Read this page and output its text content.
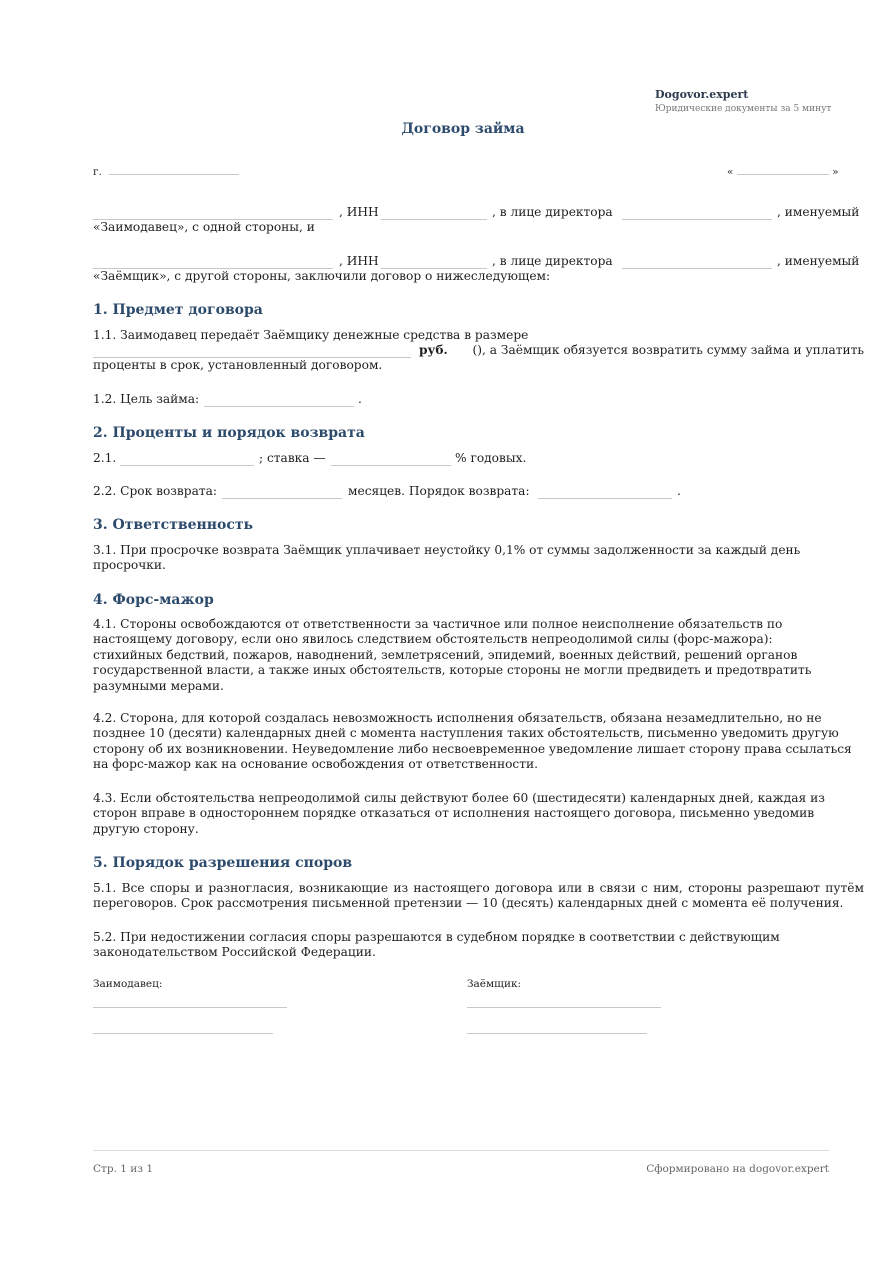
Dogovor.expert
Юридические документы за 5 минут
Договор займа
г.	«	»
, ИНН	, в лице директора	, именуемый
«Заимодавец», с одной стороны, и
, ИНН	, в лице директора	, именуемый
«Заёмщик», с другой стороны, заключили договор о нижеследующем:
1. Предмет договора
1.1. Заимодавец передаёт Заёмщику денежные средства в размере
руб.	(), а Заёмщик обязуется возвратить сумму займа и уплатить
проценты в срок, установленный договором.
1.2. Цель займа:	.
2. Проценты и порядок возврата
2.1.	; ставка —	% годовых.
2.2. Срок возврата:	месяцев. Порядок возврата:	.
3. Ответственность
3.1. При просрочке возврата Заёмщик уплачивает неустойку 0,1% от суммы задолженности за каждый день просрочки.
4. Форс-мажор
4.1. Стороны освобождаются от ответственности за частичное или полное неисполнение обязательств по настоящему договору, если оно явилось следствием обстоятельств непреодолимой силы (форс-мажора): стихийных бедствий, пожаров, наводнений, землетрясений, эпидемий, военных действий, решений органов государственной власти, а также иных обстоятельств, которые стороны не могли предвидеть и предотвратить разумными мерами.
4.2. Сторона, для которой создалась невозможность исполнения обязательств, обязана незамедлительно, но не позднее 10 (десяти) календарных дней с момента наступления таких обстоятельств, письменно уведомить другую сторону об их возникновении. Неуведомление либо несвоевременное уведомление лишает сторону права ссылаться на форс-мажор как на основание освобождения от ответственности.
4.3. Если обстоятельства непреодолимой силы действуют более 60 (шестидесяти) календарных дней, каждая из сторон вправе в одностороннем порядке отказаться от исполнения настоящего договора, письменно уведомив другую сторону.
5. Порядок разрешения споров
5.1. Все споры и разногласия, возникающие из настоящего договора или в связи с ним, стороны разрешают путём переговоров. Срок рассмотрения письменной претензии — 10 (десять) календарных дней с момента её получения.
5.2. При недостижении согласия споры разрешаются в судебном порядке в соответствии с действующим законодательством Российской Федерации.
Заимодавец:	Заёмщик:
Стр. 1 из 1	Сформировано на dogovor.expert
